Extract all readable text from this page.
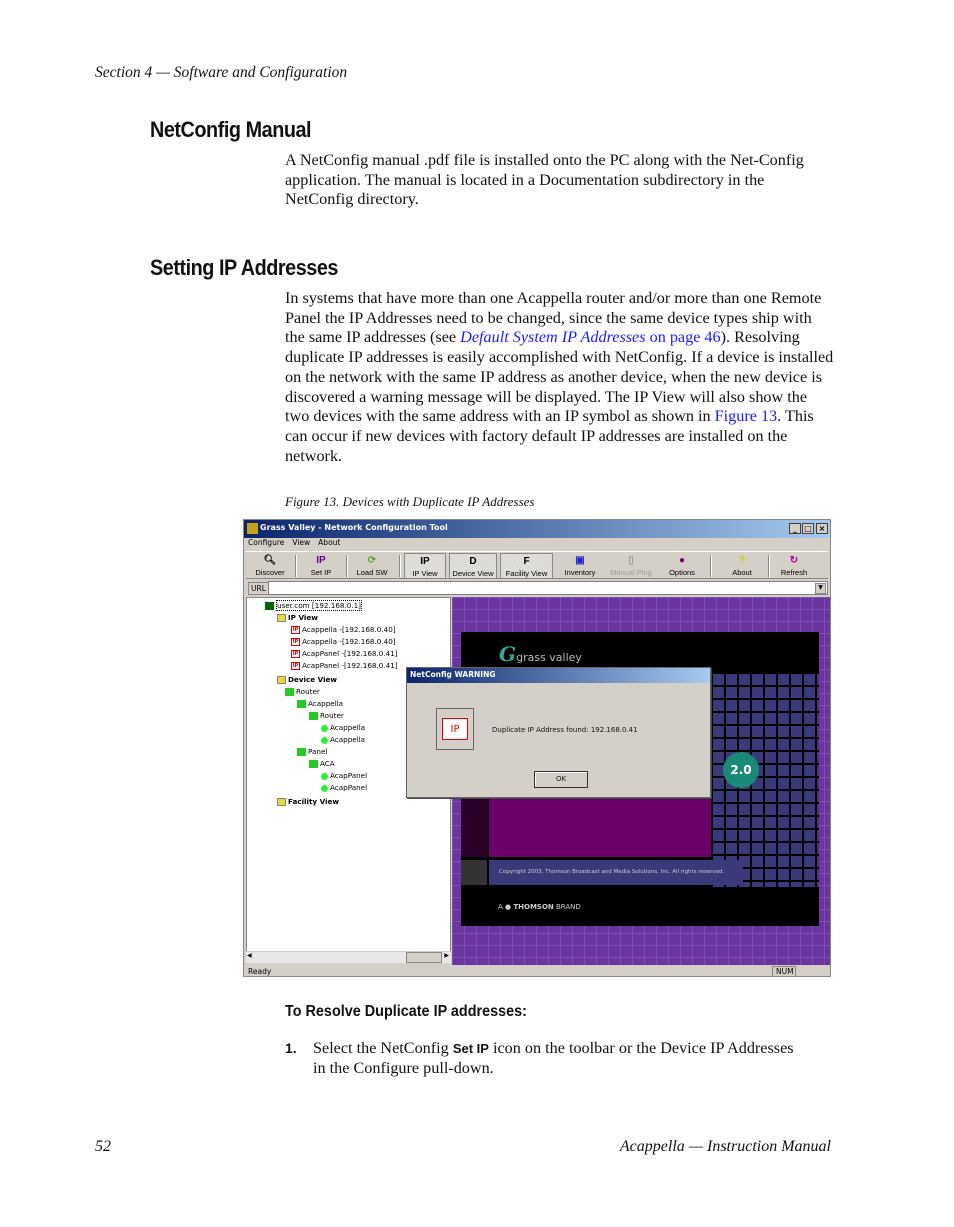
Section 4 — Software and Configuration
NetConfig Manual

A NetConfig manual .pdf file is installed onto the PC along with the Net-Config application. The manual is located in a Documentation subdirectory in the NetConfig directory.

Setting IP Addresses

In systems that have more than one Acappella router and/or more than one Remote Panel the IP Addresses need to be changed, since the same device types ship with the same IP addresses (see Default System IP Addresses on page 46). Resolving duplicate IP addresses is easily accomplished with NetConfig. If a device is installed on the network with the same IP address as another device, when the new device is discovered a warning message will be displayed. The IP View will also show the two devices with the same address with an IP symbol as shown in Figure 13. This can occur if new devices with factory default IP addresses are installed on the network.

Figure 13. Devices with Duplicate IP Addresses
Grass Valley - Network Configuration Tool	_ □ ×
Configure View About
🔍︎
Discover
IP
Set IP
⟳
Load SW
IP
IP View
D
Device View
F
Facility View
▣
Inventory
▯
Manual Ping
●
Options
?
About
↻
Refresh
URL	▼
user.com [192.168.0.1]
IP View
IP Acappella -[192.168.0.40]
IP Acappella -[192.168.0.40]
IP AcapPanel -[192.168.0.41]
IP AcapPanel -[192.168.0.41]
Device View
Router
Acappella
Router
Acappella
Acappella
Panel
ACA
AcapPanel
AcapPanel
Facility View
◀	▶
Ggrass valley
Copyright 2003, Thomson Broadcast and Media Solutions, Inc. All rights reserved.
A ● THOMSON BRAND
2.0
Ready	NUM
NetConfig WARNING
IP	Duplicate IP Address found: 192.168.0.41
OK
To Resolve Duplicate IP addresses:
1. Select the NetConfig Set IP icon on the toolbar or the Device IP Addresses in the Configure pull-down.
52	Acappella — Instruction Manual
